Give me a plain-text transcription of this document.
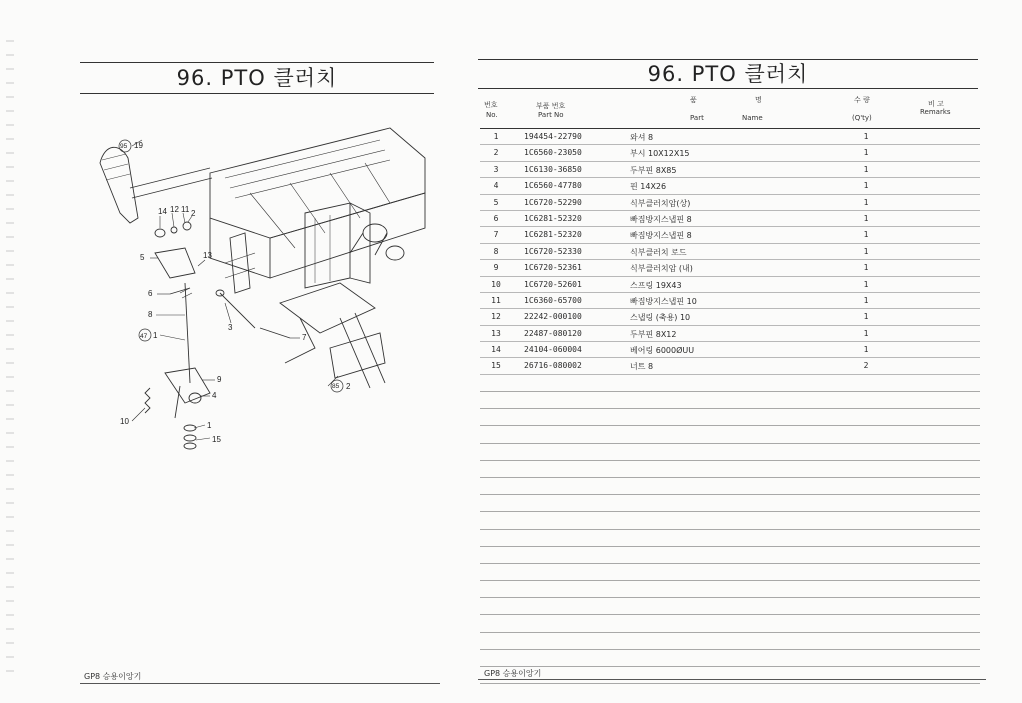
96. PTO 클러치
14 12 11 2
5	13
6
8
3
7
9
4
10	1
15
95 19
47 1
85 2
GP8 승용이앙기
96. PTO 클러치
번호
No.
부품 번호
Part No
품	명
Part	Name
수 량
(Q'ty)
비 고
Remarks
1	194454-22790	와셔 8	1
2	1C6560-23050	부시 10X12X15	1
3	1C6130-36850	두부핀 8X85	1
4	1C6560-47780	핀 14X26	1
5	1C6720-52290	식부클러치암(상)	1
6	1C6281-52320	빠짐방지스냅핀 8	1
7	1C6281-52320	빠짐방지스냅핀 8	1
8	1C6720-52330	식부클러치 로드	1
9	1C6720-52361	식부클러치암 (내)	1
10	1C6720-52601	스프링 19X43	1
11	1C6360-65700	빠짐방지스냅핀 10	1
12	22242-000100	스냅링 (축용) 10	1
13	22487-080120	두부핀 8X12	1
14	24104-060004	베어링 6000ØUU	1
15	26716-080002	너트 8	2
GP8 승용이앙기
